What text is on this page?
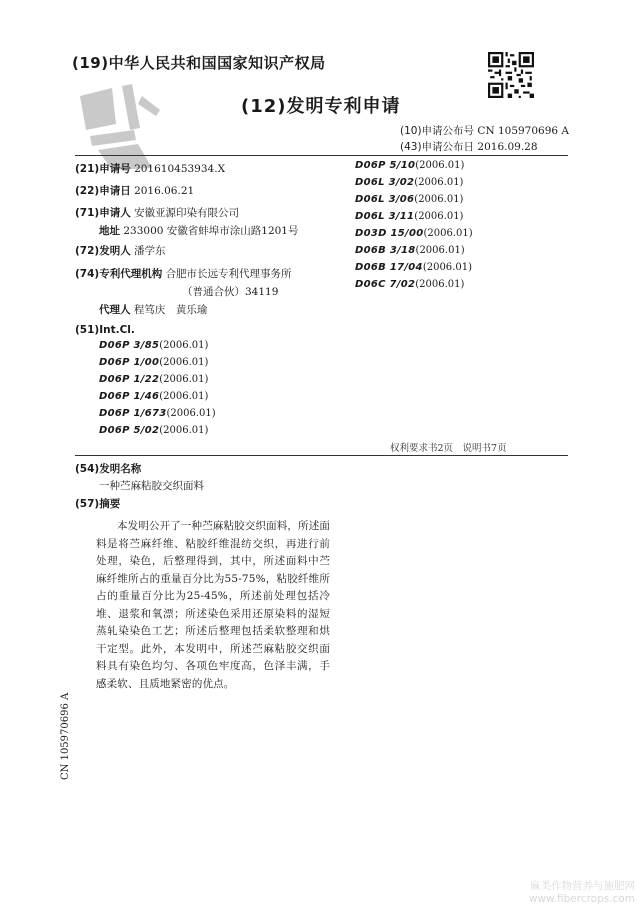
(19)中华人民共和国国家知识产权局
(12)发明专利申请
(10)申请公布号 CN 105970696 A
(43)申请公布日 2016.09.28
(21)申请号 201610453934.X
(22)申请日 2016.06.21
(71)申请人 安徽亚源印染有限公司
地址 233000 安徽省蚌埠市涂山路1201号
(72)发明人 潘学东
(74)专利代理机构 合肥市长远专利代理事务所
（普通合伙）34119
代理人 程笃庆　黄乐瑜
(51)Int.Cl.
D06P 3/85(2006.01)
D06P 1/00(2006.01)
D06P 1/22(2006.01)
D06P 1/46(2006.01)
D06P 1/673(2006.01)
D06P 5/02(2006.01)
D06P 5/10(2006.01)
D06L 3/02(2006.01)
D06L 3/06(2006.01)
D06L 3/11(2006.01)
D03D 15/00(2006.01)
D06B 3/18(2006.01)
D06B 17/04(2006.01)
D06C 7/02(2006.01)
权利要求书2页　说明书7页
(54)发明名称
一种苎麻粘胶交织面料
(57)摘要
本发明公开了一种苎麻粘胶交织面料，所述面料是将苎麻纤维、粘胶纤维混纺交织，再进行前处理，染色，后整理得到，其中，所述面料中苎麻纤维所占的重量百分比为55-75%，粘胶纤维所占的重量百分比为25-45%，所述前处理包括冷堆、退浆和氧漂；所述染色采用还原染料的湿短蒸轧染染色工艺；所述后整理包括柔软整理和烘干定型。此外，本发明中，所述苎麻粘胶交织面料具有染色均匀、各项色牢度高，色泽丰满，手感柔软、且质地紧密的优点。
CN 105970696 A
麻类作物营养与施肥网
www.fibercrops.com
